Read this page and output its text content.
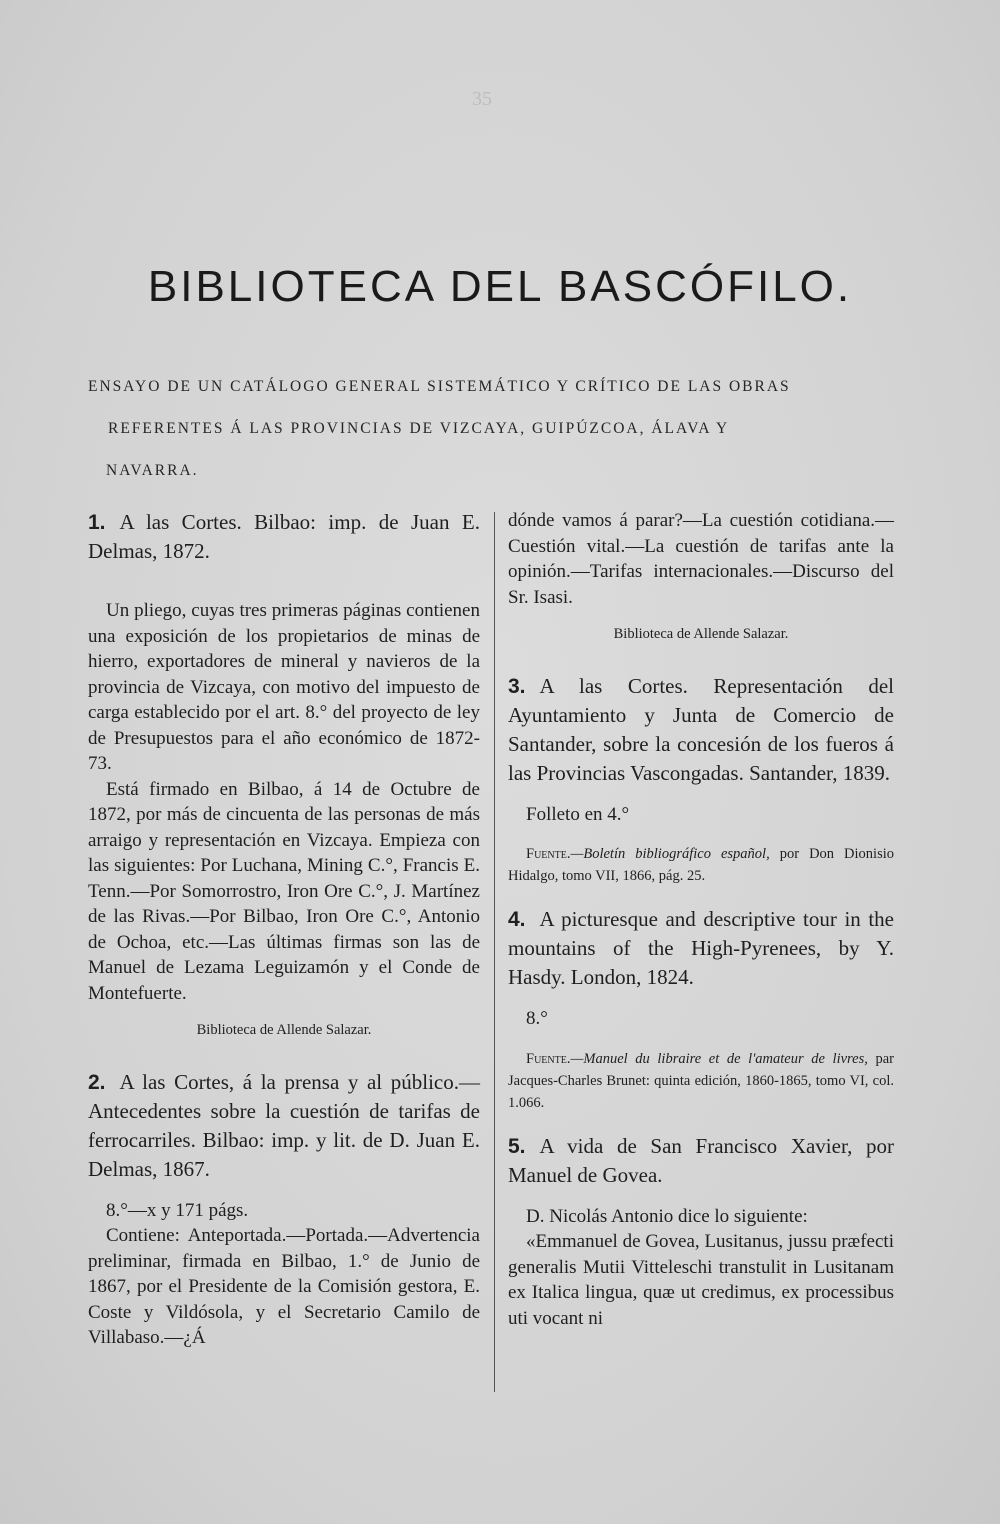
35
BIBLIOTECA DEL BASCÓFILO.
ENSAYO DE UN CATÁLOGO GENERAL SISTEMÁTICO Y CRÍTICO DE LAS OBRAS
REFERENTES Á LAS PROVINCIAS DE VIZCAYA, GUIPÚZCOA, ÁLAVA Y
NAVARRA.
1. A las Cortes. Bilbao: imp. de Juan E. Delmas, 1872.

Un pliego, cuyas tres primeras páginas contienen una exposición de los propietarios de minas de hierro, exportadores de mineral y navieros de la provincia de Vizcaya, con motivo del impuesto de carga establecido por el art. 8.° del proyecto de ley de Presupuestos para el año económico de 1872-73.

Está firmado en Bilbao, á 14 de Octubre de 1872, por más de cincuenta de las personas de más arraigo y representación en Vizcaya. Empieza con las siguientes: Por Luchana, Mining C.°, Francis E. Tenn.—Por Somorrostro, Iron Ore C.°, J. Martínez de las Rivas.—Por Bilbao, Iron Ore C.°, Antonio de Ochoa, etc.—Las últimas firmas son las de Manuel de Lezama Leguizamón y el Conde de Montefuerte.

Biblioteca de Allende Salazar.

2. A las Cortes, á la prensa y al público.—Antecedentes sobre la cuestión de tarifas de ferrocarriles. Bilbao: imp. y lit. de D. Juan E. Delmas, 1867.

8.°—x y 171 págs.

Contiene: Anteportada.—Portada.—Advertencia preliminar, firmada en Bilbao, 1.° de Junio de 1867, por el Presidente de la Comisión gestora, E. Coste y Vildósola, y el Secretario Camilo de Villabaso.—¿Á

dónde vamos á parar?—La cuestión cotidiana.—Cuestión vital.—La cuestión de tarifas ante la opinión.—Tarifas internacionales.—Discurso del Sr. Isasi.

Biblioteca de Allende Salazar.

3. A las Cortes. Representación del Ayuntamiento y Junta de Comercio de Santander, sobre la concesión de los fueros á las Provincias Vascongadas. Santander, 1839.

Folleto en 4.°

Fuente.—Boletín bibliográfico español, por Don Dionisio Hidalgo, tomo VII, 1866, pág. 25.

4. A picturesque and descriptive tour in the mountains of the High-Pyrenees, by Y. Hasdy. London, 1824.

8.°

Fuente.—Manuel du libraire et de l'amateur de livres, par Jacques-Charles Brunet: quinta edición, 1860-1865, tomo VI, col. 1.066.

5. A vida de San Francisco Xavier, por Manuel de Govea.

D. Nicolás Antonio dice lo siguiente:

«Emmanuel de Govea, Lusitanus, jussu præfecti generalis Mutii Vitteleschi transtulit in Lusitanam ex Italica lingua, quæ ut credimus, ex processibus uti vocant ni
